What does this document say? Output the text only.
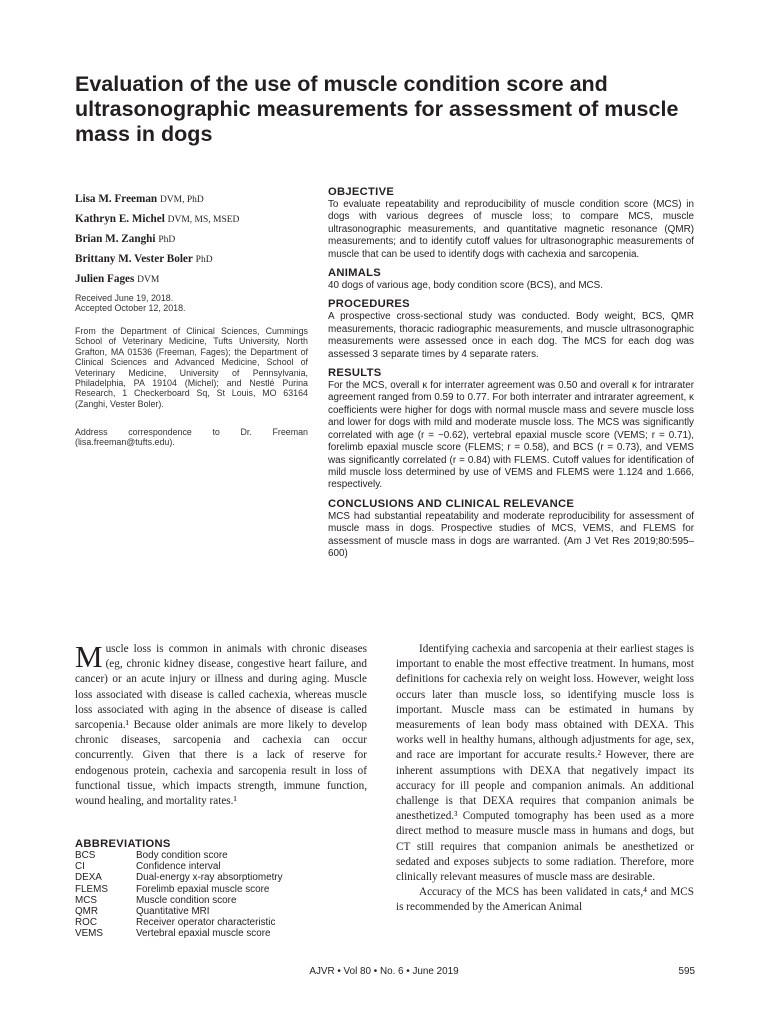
Evaluation of the use of muscle condition score and ultrasonographic measurements for assessment of muscle mass in dogs
Lisa M. Freeman DVM, PhD
Kathryn E. Michel DVM, MS, MSED
Brian M. Zanghi PhD
Brittany M. Vester Boler PhD
Julien Fages DVM
Received June 19, 2018.
Accepted October 12, 2018.
From the Department of Clinical Sciences, Cummings School of Veterinary Medicine, Tufts University, North Grafton, MA 01536 (Freeman, Fages); the Department of Clinical Sciences and Advanced Medicine, School of Veterinary Medicine, University of Pennsylvania, Philadelphia, PA 19104 (Michel); and Nestlé Purina Research, 1 Checkerboard Sq, St Louis, MO 63164 (Zanghi, Vester Boler).
Address correspondence to Dr. Freeman (lisa.freeman@tufts.edu).
OBJECTIVE

To evaluate repeatability and reproducibility of muscle condition score (MCS) in dogs with various degrees of muscle loss; to compare MCS, muscle ultrasonographic measurements, and quantitative magnetic resonance (QMR) measurements; and to identify cutoff values for ultrasonographic measurements of muscle that can be used to identify dogs with cachexia and sarcopenia.

ANIMALS

40 dogs of various age, body condition score (BCS), and MCS.

PROCEDURES

A prospective cross-sectional study was conducted. Body weight, BCS, QMR measurements, thoracic radiographic measurements, and muscle ultrasonographic measurements were assessed once in each dog. The MCS for each dog was assessed 3 separate times by 4 separate raters.

RESULTS

For the MCS, overall κ for interrater agreement was 0.50 and overall κ for intrarater agreement ranged from 0.59 to 0.77. For both interrater and intrarater agreement, κ coefficients were higher for dogs with normal muscle mass and severe muscle loss and lower for dogs with mild and moderate muscle loss. The MCS was significantly correlated with age (r = −0.62), vertebral epaxial muscle score (VEMS; r = 0.71), forelimb epaxial muscle score (FLEMS; r = 0.58), and BCS (r = 0.73), and VEMS was significantly correlated (r = 0.84) with FLEMS. Cutoff values for identification of mild muscle loss determined by use of VEMS and FLEMS were 1.124 and 1.666, respectively.

CONCLUSIONS AND CLINICAL RELEVANCE

MCS had substantial repeatability and moderate reproducibility for assessment of muscle mass in dogs. Prospective studies of MCS, VEMS, and FLEMS for assessment of muscle mass in dogs are warranted. (Am J Vet Res 2019;80:595–600)

Muscle loss is common in animals with chronic diseases (eg, chronic kidney disease, congestive heart failure, and cancer) or an acute injury or illness and during aging. Muscle loss associated with disease is called cachexia, whereas muscle loss associated with aging in the absence of disease is called sarcopenia.¹ Because older animals are more likely to develop chronic diseases, sarcopenia and cachexia can occur concurrently. Given that there is a lack of reserve for endogenous protein, cachexia and sarcopenia result in loss of functional tissue, which impacts strength, immune function, wound healing, and mortality rates.¹

ABBREVIATIONS
BCS	Body condition score
CI	Confidence interval
DEXA	Dual-energy x-ray absorptiometry
FLEMS	Forelimb epaxial muscle score
MCS	Muscle condition score
QMR	Quantitative MRI
ROC	Receiver operator characteristic
VEMS	Vertebral epaxial muscle score

Identifying cachexia and sarcopenia at their earliest stages is important to enable the most effective treatment. In humans, most definitions for cachexia rely on weight loss. However, weight loss occurs later than muscle loss, so identifying muscle loss is important. Muscle mass can be estimated in humans by measurements of lean body mass obtained with DEXA. This works well in healthy humans, although adjustments for age, sex, and race are important for accurate results.² However, there are inherent assumptions with DEXA that negatively impact its accuracy for ill people and companion animals. An additional challenge is that DEXA requires that companion animals be anesthetized.³ Computed tomography has been used as a more direct method to measure muscle mass in humans and dogs, but CT still requires that companion animals be anesthetized or sedated and exposes subjects to some radiation. Therefore, more clinically relevant measures of muscle mass are desirable.

Accuracy of the MCS has been validated in cats,⁴ and MCS is recommended by the American Animal

AJVR • Vol 80 • No. 6 • June 2019	595
